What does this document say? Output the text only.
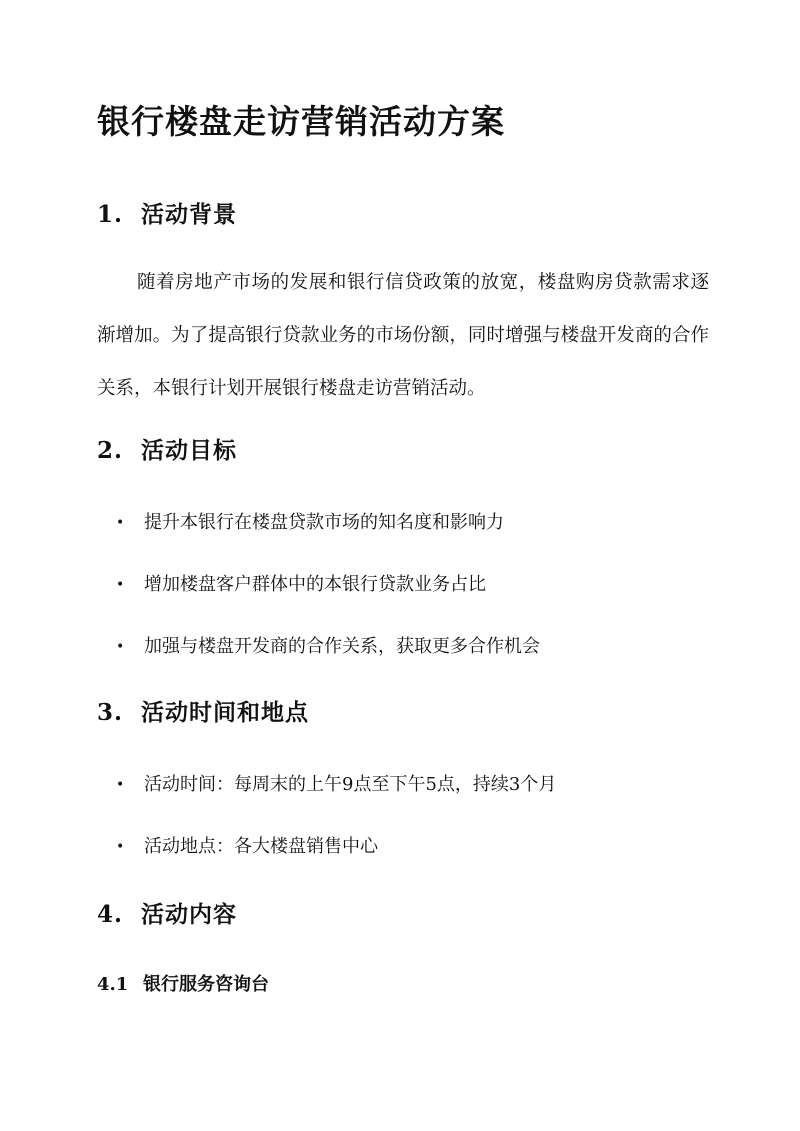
银行楼盘走访营销活动方案
1. 活动背景

随着房地产市场的发展和银行信贷政策的放宽，楼盘购房贷款需求逐渐增加。为了提高银行贷款业务的市场份额，同时增强与楼盘开发商的合作关系，本银行计划开展银行楼盘走访营销活动。

2. 活动目标
• 提升本银行在楼盘贷款市场的知名度和影响力
• 增加楼盘客户群体中的本银行贷款业务占比
• 加强与楼盘开发商的合作关系，获取更多合作机会
3. 活动时间和地点
• 活动时间：每周末的上午9点至下午5点，持续3个月
• 活动地点：各大楼盘销售中心
4. 活动内容
4.1 银行服务咨询台
